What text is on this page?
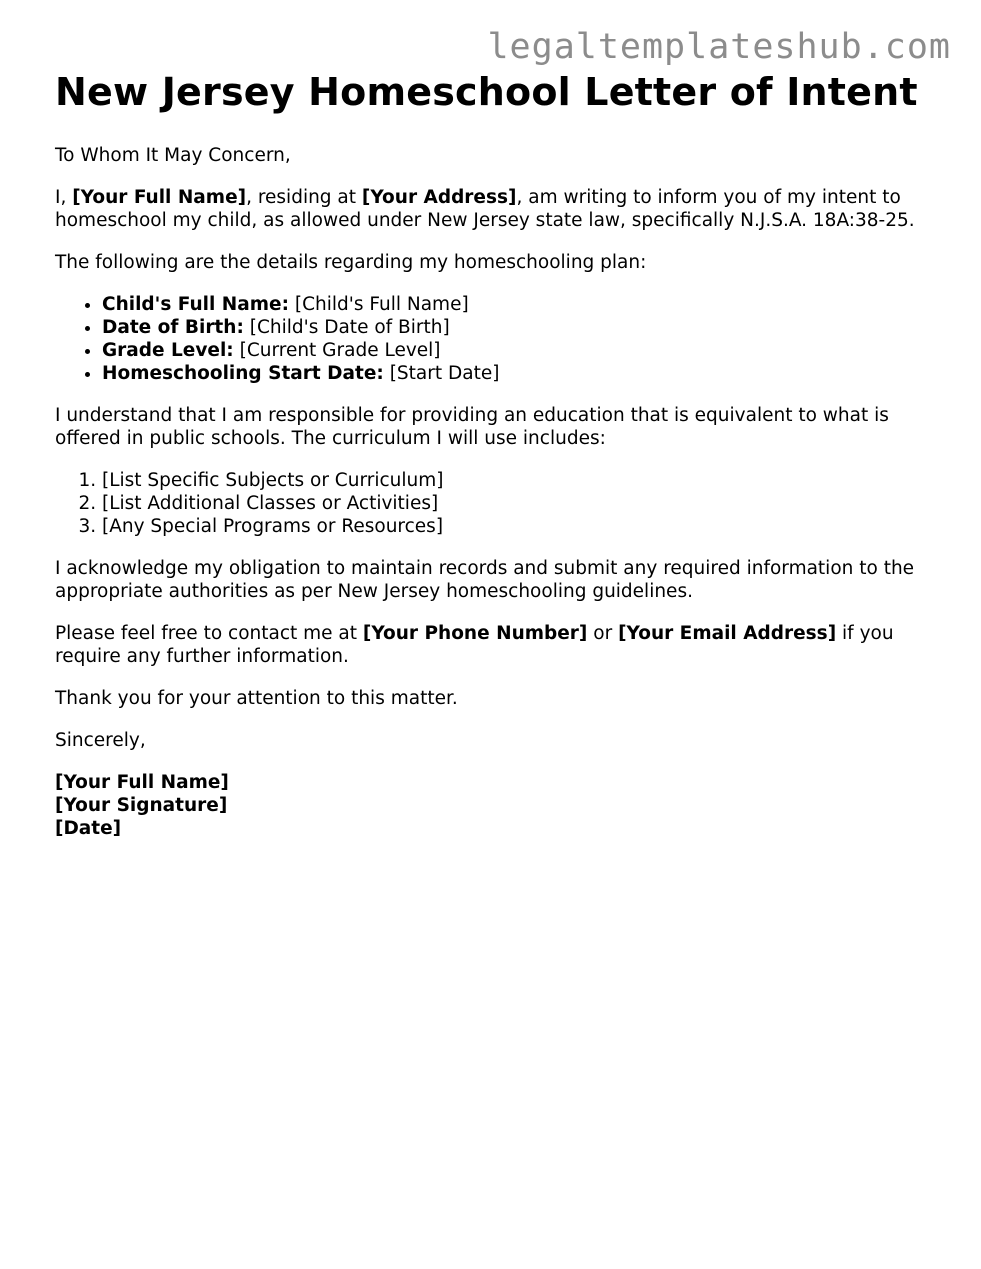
legaltemplateshub.com
New Jersey Homeschool Letter of Intent

To Whom It May Concern,

I, [Your Full Name], residing at [Your Address], am writing to inform you of my intent to homeschool my child, as allowed under New Jersey state law, specifically N.J.S.A. 18A:38-25.

The following are the details regarding my homeschooling plan:

• Child's Full Name: [Child's Full Name]
• Date of Birth: [Child's Date of Birth]
• Grade Level: [Current Grade Level]
• Homeschooling Start Date: [Start Date]

I understand that I am responsible for providing an education that is equivalent to what is offered in public schools. The curriculum I will use includes:

1. [List Specific Subjects or Curriculum]
2. [List Additional Classes or Activities]
3. [Any Special Programs or Resources]

I acknowledge my obligation to maintain records and submit any required information to the appropriate authorities as per New Jersey homeschooling guidelines.

Please feel free to contact me at [Your Phone Number] or [Your Email Address] if you require any further information.

Thank you for your attention to this matter.

Sincerely,

[Your Full Name]
[Your Signature]
[Date]
